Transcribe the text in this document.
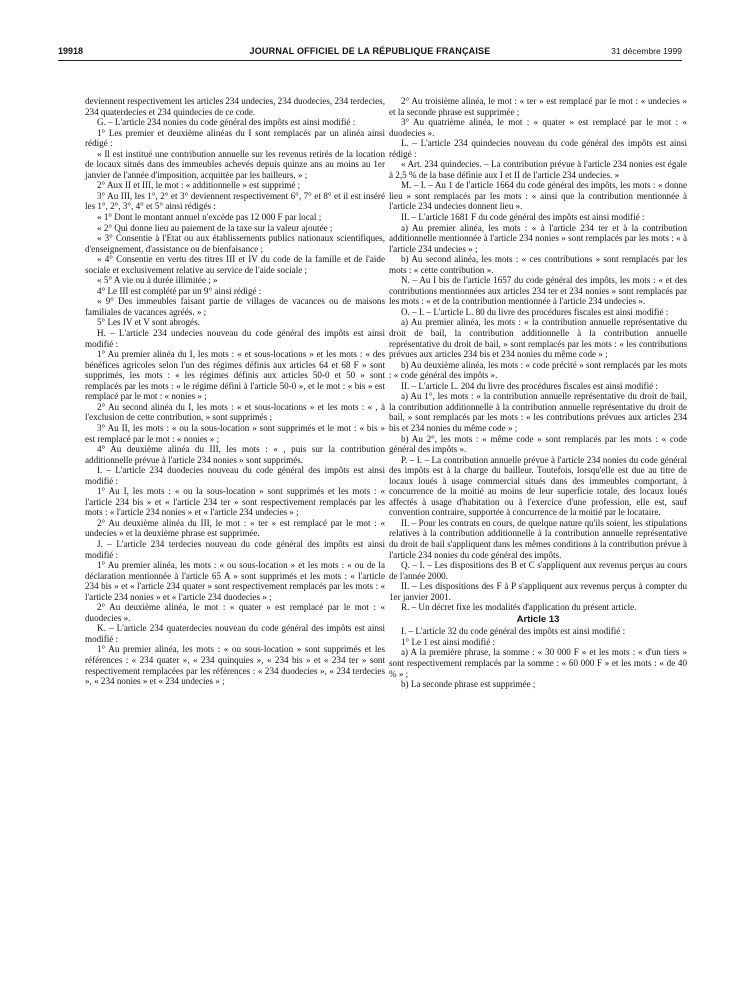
19918	JOURNAL OFFICIEL DE LA RÉPUBLIQUE FRANÇAISE	31 décembre 1999

deviennent respectivement les articles 234 undecies, 234 duodecies, 234 terdecies, 234 quaterdecies et 234 quindecies de ce code.

G. – L'article 234 nonies du code général des impôts est ainsi modifié :

1° Les premier et deuxième alinéas du I sont remplacés par un alinéa ainsi rédigé :

« Il est institué une contribution annuelle sur les revenus retirés de la location de locaux situés dans des immeubles achevés depuis quinze ans au moins au 1er janvier de l'année d'imposition, acquittée par les bailleurs. » ;

2° Aux II et III, le mot : « additionnelle » est supprimé ;

3° Au III, les 1°, 2° et 3° deviennent respectivement 6°, 7° et 8° et il est inséré les 1°, 2°, 3°, 4° et 5° ainsi rédigés :

« 1° Dont le montant annuel n'excède pas 12 000 F par local ;

« 2° Qui donne lieu au paiement de la taxe sur la valeur ajoutée ;

« 3° Consentie à l'Etat ou aux établissements publics nationaux scientifiques, d'enseignement, d'assistance ou de bienfaisance ;

« 4° Consentie en vertu des titres III et IV du code de la famille et de l'aide sociale et exclusivement relative au service de l'aide sociale ;

« 5° A vie ou à durée illimitée ; »

4° Le III est complété par un 9° ainsi rédigé :

« 9° Des immeubles faisant partie de villages de vacances ou de maisons familiales de vacances agréés. » ;

5° Les IV et V sont abrogés.

H. – L'article 234 undecies nouveau du code général des impôts est ainsi modifié :

1° Au premier alinéa du I, les mots : « et sous-locations » et les mots : « des bénéfices agricoles selon l'un des régimes définis aux articles 64 et 68 F » sont supprimés, les mots : « les régimes définis aux articles 50-0 et 50 » sont remplacés par les mots : « le régime défini à l'article 50-0 », et le mot : « bis » est remplacé par le mot : « nonies » ;

2° Au second alinéa du I, les mots : « et sous-locations » et les mots : « , à l'exclusion de cette contribution, » sont supprimés ;

3° Au II, les mots : « ou la sous-location » sont supprimés et le mot : « bis » est remplacé par le mot : « nonies » ;

4° Au deuxième alinéa du III, les mots : « , puis sur la contribution additionnelle prévue à l'article 234 nonies » sont supprimés.

I. – L'article 234 duodecies nouveau du code général des impôts est ainsi modifié :

1° Au I, les mots : « ou la sous-location » sont supprimés et les mots : « l'article 234 bis » et « l'article 234 ter » sont respectivement remplacés par les mots : « l'article 234 nonies » et « l'article 234 undecies » ;

2° Au deuxième alinéa du III, le mot : « ter » est remplacé par le mot : « undecies » et la deuxième phrase est supprimée.

J. – L'article 234 terdecies nouveau du code général des impôts est ainsi modifié :

1° Au premier alinéa, les mots : « ou sous-location » et les mots : « ou de la déclaration mentionnée à l'article 65 A » sont supprimés et les mots : « l'article 234 bis » et « l'article 234 quater » sont respectivement remplacés par les mots : « l'article 234 nonies » et « l'article 234 duodecies » ;

2° Au deuxième alinéa, le mot : « quater » est remplacé par le mot : « duodecies ».

K. – L'article 234 quaterdecies nouveau du code général des impôts est ainsi modifié :

1° Au premier alinéa, les mots : « ou sous-location » sont supprimés et les références : « 234 quater », « 234 quinquies », « 234 bis » et « 234 ter » sont respectivement remplacées par les références : « 234 duodecies », « 234 terdecies », « 234 nonies » et « 234 undecies » ;

2° Au troisième alinéa, le mot : « ter » est remplacé par le mot : « undecies » et la seconde phrase est supprimée ;

3° Au quatrième alinéa, le mot : « quater » est remplacé par le mot : « duodecies ».

L. – L'article 234 quindecies nouveau du code général des impôts est ainsi rédigé :

« Art. 234 quindecies. – La contribution prévue à l'article 234 nonies est égale à 2,5 % de la base définie aux I et II de l'article 234 undecies. »

M. – I. – Au 1 de l'article 1664 du code général des impôts, les mots : « donne lieu » sont remplacés par les mots : « ainsi que la contribution mentionnée à l'article 234 undecies donnent lieu ».

II. – L'article 1681 F du code général des impôts est ainsi modifié :

a) Au premier alinéa, les mots : « à l'article 234 ter et à la contribution additionnelle mentionnée à l'article 234 nonies » sont remplacés par les mots : « à l'article 234 undecies » ;

b) Au second alinéa, les mots : « ces contributions » sont remplacés par les mots : « cette contribution ».

N. – Au I bis de l'article 1657 du code général des impôts, les mots : « et des contributions mentionnées aux articles 234 ter et 234 nonies » sont remplacés par les mots : « et de la contribution mentionnée à l'article 234 undecies ».

O. – I. – L'article L. 80 du livre des procédures fiscales est ainsi modifié :

a) Au premier alinéa, les mots : « la contribution annuelle représentative du droit de bail, la contribution additionnelle à la contribution annuelle représentative du droit de bail, » sont remplacés par les mots : « les contributions prévues aux articles 234 bis et 234 nonies du même code » ;

b) Au deuxième alinéa, les mots : « code précité » sont remplacés par les mots : « code général des impôts ».

II. – L'article L. 204 du livre des procédures fiscales est ainsi modifié :

a) Au 1°, les mots : « la contribution annuelle représentative du droit de bail, la contribution additionnelle à la contribution annuelle représentative du droit de bail, » sont remplacés par les mots : « les contributions prévues aux articles 234 bis et 234 nonies du même code » ;

b) Au 2°, les mots : « même code » sont remplacés par les mots : « code général des impôts ».

P. – I. – La contribution annuelle prévue à l'article 234 nonies du code général des impôts est à la charge du bailleur. Toutefois, lorsqu'elle est due au titre de locaux loués à usage commercial situés dans des immeubles comportant, à concurrence de la moitié au moins de leur superficie totale, des locaux loués affectés à usage d'habitation ou à l'exercice d'une profession, elle est, sauf convention contraire, supportée à concurrence de la moitié par le locataire.

II. – Pour les contrats en cours, de quelque nature qu'ils soient, les stipulations relatives à la contribution additionnelle à la contribution annuelle représentative du droit de bail s'appliquent dans les mêmes conditions à la contribution prévue à l'article 234 nonies du code général des impôts.

Q. – I. – Les dispositions des B et C s'appliquent aux revenus perçus au cours de l'année 2000.

II. – Les dispositions des F à P s'appliquent aux revenus perçus à compter du 1er janvier 2001.

R. – Un décret fixe les modalités d'application du présent article.

Article 13

I. – L'article 32 du code général des impôts est ainsi modifié :

1° Le 1 est ainsi modifié :

a) A la première phrase, la somme : « 30 000 F » et les mots : « d'un tiers » sont respectivement remplacés par la somme : « 60 000 F » et les mots : « de 40 % » ;

b) La seconde phrase est supprimée ;
